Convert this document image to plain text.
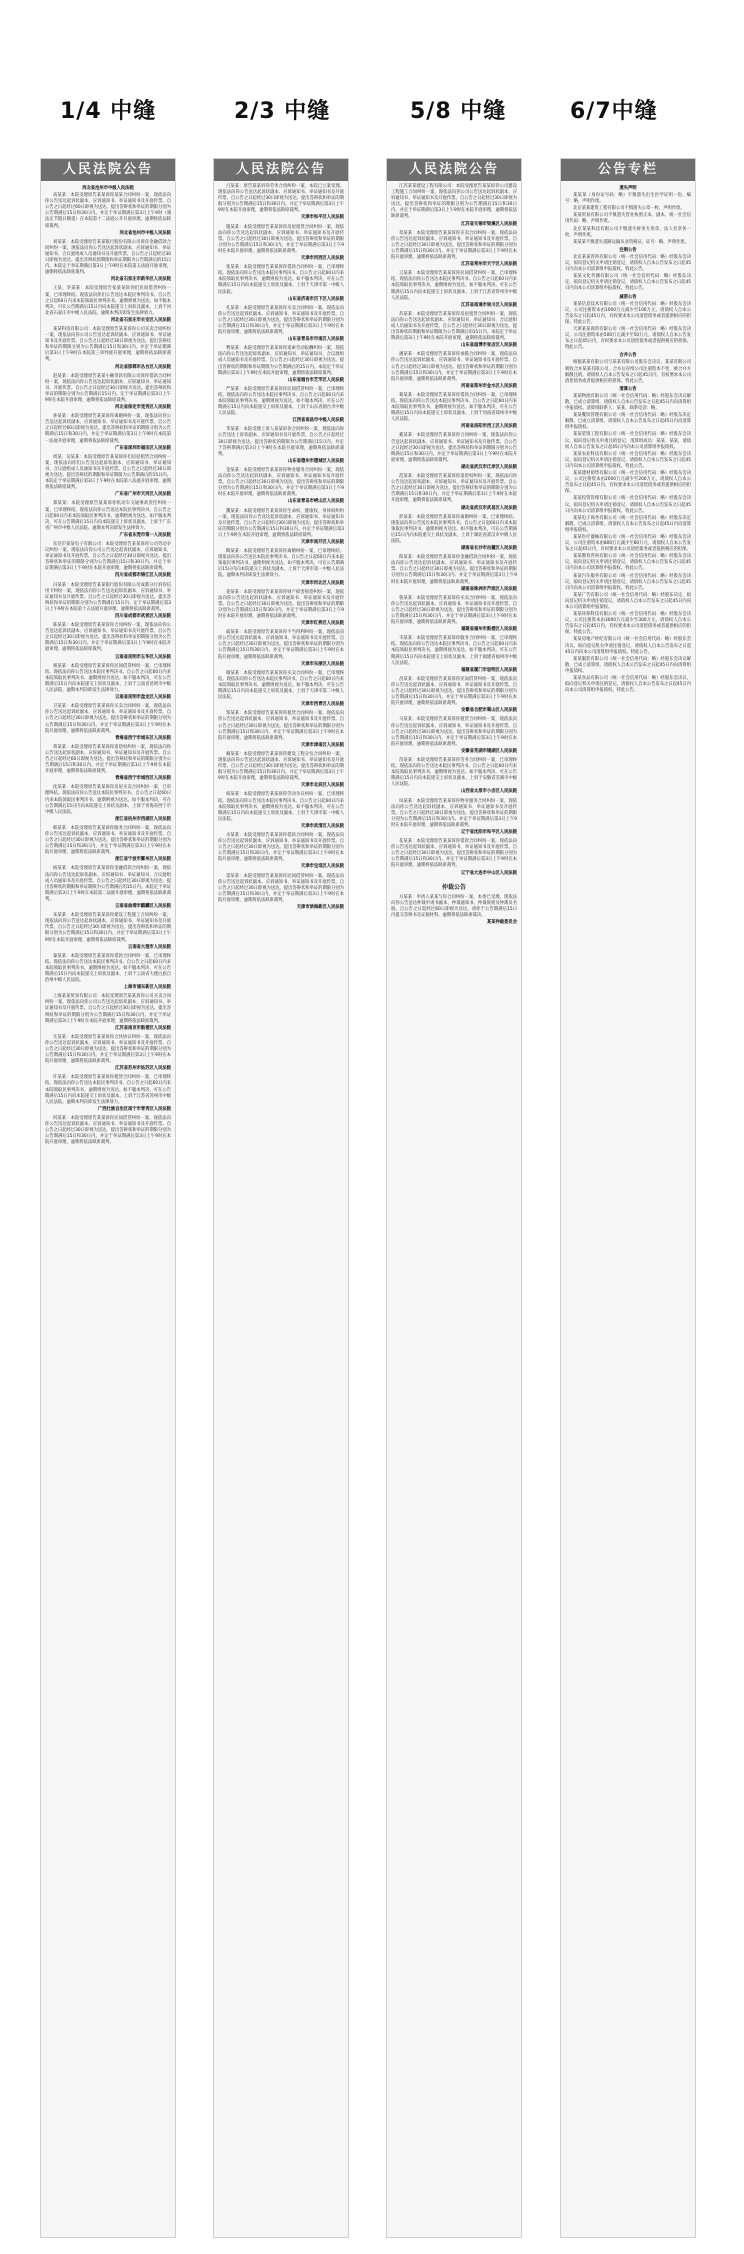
1/4 中缝	2/3 中缝	5/8 中缝	6/7中缝
人民法院公告

河北省沧州市中级人民法院

高某某：本院受理原告某某诉你某某合同纠纷一案，现依法向你公告送达起诉状副本、应诉通知书、举证通知书及开庭传票。自公告之日起经过60日即视为送达。提出答辩状和举证的期限分别为公告期满后15日和30日内。并定于举证期满后第3日上午9时（遇法定节假日顺延）在本院第十二法庭公开开庭审理，逾期将依法缺席裁判。

河北省沧州市中级人民法院

刘某某：本院受理原告某某银行股份有限公司诉你金融借款合同纠纷一案，现依法向你公告送达起诉状副本、应诉通知书、举证通知书、合议庭组成人员通知书及开庭传票。自公告之日起经过30日即视为送达。提出答辩状的期限和举证期限为公告期满后的15日内。本院定于举证期满后第3日上午9时在本院第五法庭开庭审理，逾期将依法缺席裁判。

河北省石家庄市新华区人民法院

王某、李某某：本院受理原告张某某诉你们民间借贷纠纷一案，已审理终结。现依法向你们公告送达本院民事判决书。自公告之日起60日内来本院领取民事判决书，逾期则视为送达。如不服本判决，可在公告期满后15日内向本院递交上诉状及副本，上诉于河北省石家庄市中级人民法院。逾期本判决即发生法律效力。

河北省石家庄市长安区人民法院

某某科技有限公司：本院受理原告某某诉你公司买卖合同纠纷一案，现依法向你公司公告送达起诉状副本、应诉通知书、举证通知书及开庭传票。自公告之日起经过30日即视为送达。提出答辩状和举证的期限分别为公告期满后15日和30日内。并定于举证期满后第3日上午9时在本院第三审判庭开庭审理，逾期将依法缺席裁判。

河北省邯郸市丛台区人民法院

赵某某：本院受理原告某某小额贷款有限公司诉你借款合同纠纷一案，现依法向你公告送达起诉状副本、应诉通知书、举证通知书、开庭传票。自公告之日起经过30日即视为送达。提出答辩状和举证的期限分别为公告期满后15日内。定于举证期满后第3日上午9时在本院开庭审理，逾期将依法缺席裁判。

河北省保定市竞秀区人民法院

孙某某：本院受理原告某某诉你离婚纠纷一案，现依法向你公告送达起诉状副本、应诉通知书、举证通知书及开庭传票。自公告之日起经过60日即视为送达。提出答辩状和举证的期限分别为公告期满后15日和30日内。并定于举证期满后第3日上午9时在本院第一法庭开庭审理，逾期将依法缺席裁判。

广东省深圳市福田区人民法院

周某、吴某某：本院受理原告某某诉你们房屋租赁合同纠纷一案，现依法向你们公告送达起诉状副本、应诉通知书、举证通知书、合议庭组成人员通知书及开庭传票。自公告之日起经过30日即视为送达。提出答辩状的期限和举证期限为公告期满后的15日内。本院定于举证期满后第3日上午9时在本院第八法庭开庭审理，逾期将依法缺席裁判。

广东省广州市天河区人民法院

郑某某：本院受理原告某某诉你机动车交通事故责任纠纷一案，已审理终结。现依法向你公告送达本院民事判决书。自公告之日起60日内来本院领取民事判决书，逾期则视为送达。如不服本判决，可在公告期满后15日内向本院递交上诉状及副本，上诉于广东省广州市中级人民法院。逾期本判决即发生法律效力。

广东省东莞市第一人民法院

东莞市某某电子有限公司：本院受理原告某某诉你公司劳动争议纠纷一案，现依法向你公司公告送达起诉状副本、应诉通知书、举证通知书及开庭传票。自公告之日起经过30日即视为送达。提出答辩状和举证的期限分别为公告期满后15日和30日内。并定于举证期满后第3日上午9时在本院开庭审理，逾期将依法缺席裁判。

四川省成都市锦江区人民法院

冯某某：本院受理原告某某银行股份有限公司成都分行诉你信用卡纠纷一案，现依法向你公告送达起诉状副本、应诉通知书、举证通知书及开庭传票。自公告之日起经过30日即视为送达。提出答辩状和举证的期限分别为公告期满后15日内。定于举证期满后第3日上午9时在本院第十五法庭开庭审理，逾期将依法缺席裁判。

四川省成都市武侯区人民法院

陈某某：本院受理原告某某诉你合同纠纷一案，现依法向你公告送达起诉状副本、应诉通知书、举证通知书及开庭传票。自公告之日起经过30日即视为送达。提出答辩状和举证的期限分别为公告期满后15日和30日内。并定于举证期满后第3日上午9时在本院开庭审理，逾期将依法缺席裁判。

云南省昆明市五华区人民法院

褚某某：本院受理原告某某诉你民间借贷纠纷一案，已审理终结。现依法向你公告送达本院民事判决书。自公告之日起60日内来本院领取民事判决书，逾期则视为送达。如不服本判决，可在公告期满后15日内向本院递交上诉状及副本，上诉于云南省昆明市中级人民法院。逾期本判决即发生法律效力。

云南省昆明市盘龙区人民法院

卫某某：本院受理原告某某诉你买卖合同纠纷一案，现依法向你公告送达起诉状副本、应诉通知书、举证通知书及开庭传票。自公告之日起经过30日即视为送达。提出答辩状和举证的期限分别为公告期满后15日和30日内。并定于举证期满后第3日上午9时在本院开庭审理，逾期将依法缺席裁判。

青海省西宁市城东区人民法院

蒋某某：本院受理原告某某诉你追偿权纠纷一案，现依法向你公告送达起诉状副本、应诉通知书、举证通知书及开庭传票。自公告之日起经过60日即视为送达。提出答辩状和举证的期限分别为公告期满后15日和30日内。并定于举证期满后第3日上午9时在本院开庭审理，逾期将依法缺席裁判。

青海省西宁市城西区人民法院

沈某某：本院受理原告某某诉你房屋买卖合同纠纷一案，已审理终结。现依法向你公告送达本院民事判决书。自公告之日起60日内来本院领取民事判决书，逾期则视为送达。如不服本判决，可在公告期满后15日内向本院递交上诉状及副本，上诉于青海省西宁市中级人民法院。

浙江省杭州市西湖区人民法院

韩某某：本院受理原告某某诉你服务合同纠纷一案，现依法向你公告送达起诉状副本、应诉通知书、举证通知书及开庭传票。自公告之日起经过30日即视为送达。提出答辩状和举证的期限分别为公告期满后15日和30日内。并定于举证期满后第3日上午9时在本院开庭审理，逾期将依法缺席裁判。

浙江省宁波市鄞州区人民法院

杨某某：本院受理原告某某诉你金融借款合同纠纷一案，现依法向你公告送达起诉状副本、应诉通知书、举证通知书、合议庭组成人员通知书及开庭传票。自公告之日起经过30日即视为送达。提出答辩状的期限和举证期限为公告期满后的15日内。本院定于举证期满后第3日上午9时在本院第二法庭开庭审理，逾期将依法缺席裁判。

云南省曲靖市麒麟区人民法院

朱某某：本院受理原告某某诉你建设工程施工合同纠纷一案，现依法向你公告送达起诉状副本、应诉通知书、举证通知书及开庭传票。自公告之日起经过30日即视为送达。提出答辩状和举证的期限分别为公告期满后15日和30日内。并定于举证期满后第3日上午9时在本院开庭审理，逾期将依法缺席裁判。

云南省大理市人民法院

秦某某：本院受理原告某某诉你借款合同纠纷一案，已审理终结。现依法向你公告送达本院民事判决书。自公告之日起60日内来本院领取民事判决书，逾期则视为送达。如不服本判决，可在公告期满后15日内向本院递交上诉状及副本，上诉于云南省大理白族自治州中级人民法院。

上海市浦东新区人民法院

上海某某贸易有限公司：本院受理原告某某诉你公司买卖合同纠纷一案，现依法向你公司公告送达起诉状副本、应诉通知书、举证通知书及开庭传票。自公告之日起经过30日即视为送达。提出答辩状和举证的期限分别为公告期满后15日和30日内。并定于举证期满后第3日上午9时在本院开庭审理，逾期将依法缺席裁判。

江苏省南京市鼓楼区人民法院

尤某某：本院受理原告某某诉你合伙协议纠纷一案，现依法向你公告送达起诉状副本、应诉通知书、举证通知书及开庭传票。自公告之日起经过30日即视为送达。提出答辩状和举证的期限分别为公告期满后15日和30日内。并定于举证期满后第3日上午9时在本院开庭审理，逾期将依法缺席裁判。

江苏省苏州市姑苏区人民法院

许某某：本院受理原告某某诉你租赁合同纠纷一案，已审理终结。现依法向你公告送达本院民事判决书。自公告之日起60日内来本院领取民事判决书，逾期则视为送达。如不服本判决，可在公告期满后15日内向本院递交上诉状及副本，上诉于江苏省苏州市中级人民法院。逾期本判决即发生法律效力。

广西壮族自治区南宁市青秀区人民法院

何某某：本院受理原告某某诉你民间借贷纠纷一案，现依法向你公告送达起诉状副本、应诉通知书、举证通知书及开庭传票。自公告之日起经过30日即视为送达。提出答辩状和举证的期限分别为公告期满后15日和30日内。并定于举证期满后第3日上午9时在本院开庭审理，逾期将依法缺席裁判。

人民法院公告

吕某某：原告某某诉你劳务合同纠纷一案，本院已立案受理。现依法向你公告送达起诉状副本、应诉通知书、举证通知书及开庭传票。自公告之日起经过30日即视为送达。提出答辩状和举证的期限分别为公告期满后15日和30日内。并定于举证期满后第3日上午9时在本院开庭审理，逾期将依法缺席裁判。

天津市和平区人民法院

施某某：本院受理原告某某诉你房屋租赁合同纠纷一案，现依法向你公告送达起诉状副本、应诉通知书、举证通知书及开庭传票。自公告之日起经过30日即视为送达。提出答辩状和举证的期限分别为公告期满后15日和30日内。并定于举证期满后第3日上午9时在本院开庭审理，逾期将依法缺席裁判。

天津市河西区人民法院

张某某：本院受理原告某某诉你借款合同纠纷一案，已审理终结。现依法向你公告送达本院民事判决书。自公告之日起60日内来本院领取民事判决书，逾期则视为送达。如不服本判决，可在公告期满后15日内向本院递交上诉状及副本，上诉于天津市第一中级人民法院。

山东省济南市历下区人民法院

孔某某：本院受理原告某某诉你买卖合同纠纷一案，现依法向你公告送达起诉状副本、应诉通知书、举证通知书及开庭传票。自公告之日起经过30日即视为送达。提出答辩状和举证的期限分别为公告期满后15日和30日内。并定于举证期满后第3日上午9时在本院开庭审理，逾期将依法缺席裁判。

山东省青岛市市南区人民法院

曹某某：本院受理原告某某诉你追索劳动报酬纠纷一案，现依法向你公告送达起诉状副本、应诉通知书、举证通知书、合议庭组成人员通知书及开庭传票。自公告之日起经过30日即视为送达。提出答辩状的期限和举证期限为公告期满后的15日内。本院定于举证期满后第3日上午9时在本院开庭审理，逾期将依法缺席裁判。

山东省烟台市芝罘区人民法院

严某某：本院受理原告某某诉你民间借贷纠纷一案，已审理终结。现依法向你公告送达本院民事判决书。自公告之日起60日内来本院领取民事判决书，逾期则视为送达。如不服本判决，可在公告期满后15日内向本院递交上诉状及副本，上诉于山东省烟台市中级人民法院。

江西省南昌市中级人民法院

华某某：本院受理上诉人某某诉你合同纠纷一案，现依法向你公告送达上诉状副本、应诉通知书及开庭传票。自公告之日起经过30日即视为送达。提出答辩状的期限为公告期满后15日内。并定于答辩期满后第3日上午9时在本院开庭审理，逾期将依法缺席裁判。

山东省德州市德城区人民法院

金某某：本院受理原告某某诉你物业服务合同纠纷一案，现依法向你公告送达起诉状副本、应诉通知书、举证通知书及开庭传票。自公告之日起经过30日即视为送达。提出答辩状和举证的期限分别为公告期满后15日和30日内。并定于举证期满后第3日上午9时在本院开庭审理，逾期将依法缺席裁判。

山东省青岛市崂山区人民法院

魏某某：本院受理原告某某诉你生命权、健康权、身体权纠纷一案，现依法向你公告送达起诉状副本、应诉通知书、举证通知书及开庭传票。自公告之日起经过30日即视为送达。提出答辩状和举证的期限分别为公告期满后15日和30日内。并定于举证期满后第3日上午9时在本院开庭审理，逾期将依法缺席裁判。

天津市南开区人民法院

陶某某：本院受理原告某某诉你离婚纠纷一案，已审理终结。现依法向你公告送达本院民事判决书。自公告之日起60日内来本院领取民事判决书，逾期则视为送达。如不服本判决，可在公告期满后15日内向本院递交上诉状及副本，上诉于天津市第一中级人民法院。逾期本判决即发生法律效力。

天津市河北区人民法院

姜某某：本院受理原告某某诉你财产损害赔偿纠纷一案，现依法向你公告送达起诉状副本、应诉通知书、举证通知书及开庭传票。自公告之日起经过30日即视为送达。提出答辩状和举证的期限分别为公告期满后15日和30日内。并定于举证期满后第3日上午9时在本院开庭审理，逾期将依法缺席裁判。

天津市红桥区人民法院

戚某某：本院受理原告某某诉你不当得利纠纷一案，现依法向你公告送达起诉状副本、应诉通知书、举证通知书及开庭传票。自公告之日起经过30日即视为送达。提出答辩状和举证的期限分别为公告期满后15日和30日内。并定于举证期满后第3日上午9时在本院开庭审理，逾期将依法缺席裁判。

天津市东丽区人民法院

谢某某：本院受理原告某某诉你买卖合同纠纷一案，已审理终结。现依法向你公告送达本院民事判决书。自公告之日起60日内来本院领取民事判决书，逾期则视为送达。如不服本判决，可在公告期满后15日内向本院递交上诉状及副本，上诉于天津市第二中级人民法院。

天津市西青区人民法院

邹某某：本院受理原告某某诉你租赁合同纠纷一案，现依法向你公告送达起诉状副本、应诉通知书、举证通知书及开庭传票。自公告之日起经过30日即视为送达。提出答辩状和举证的期限分别为公告期满后15日和30日内。并定于举证期满后第3日上午9时在本院开庭审理，逾期将依法缺席裁判。

天津市津南区人民法院

喻某某：本院受理原告某某诉你建设工程分包合同纠纷一案，现依法向你公告送达起诉状副本、应诉通知书、举证通知书及开庭传票。自公告之日起经过30日即视为送达。提出答辩状和举证的期限分别为公告期满后15日和30日内。并定于举证期满后第3日上午9时在本院开庭审理，逾期将依法缺席裁判。

天津市北辰区人民法院

柏某某：本院受理原告某某诉你劳动争议纠纷一案，已审理终结。现依法向你公告送达本院民事判决书。自公告之日起60日内来本院领取民事判决书，逾期则视为送达。如不服本判决，可在公告期满后15日内向本院递交上诉状及副本，上诉于天津市第一中级人民法院。

天津市武清区人民法院

水某某：本院受理原告某某诉你借款合同纠纷一案，现依法向你公告送达起诉状副本、应诉通知书、举证通知书及开庭传票。自公告之日起经过30日即视为送达。提出答辩状和举证的期限分别为公告期满后15日和30日内。并定于举证期满后第3日上午9时在本院开庭审理，逾期将依法缺席裁判。

天津市宝坻区人民法院

窦某某：本院受理原告某某诉你民间借贷纠纷一案，现依法向你公告送达起诉状副本、应诉通知书、举证通知书及开庭传票。自公告之日起经过30日即视为送达。提出答辩状和举证的期限分别为公告期满后15日和30日内。并定于举证期满后第3日上午9时在本院开庭审理，逾期将依法缺席裁判。

天津市滨海新区人民法院

人民法院公告

江苏某某建设工程有限公司：本院受理原告某某诉你公司建设工程施工合同纠纷一案，现依法向你公司公告送达起诉状副本、应诉通知书、举证通知书及开庭传票。自公告之日起经过30日即视为送达。提出答辩状和举证的期限分别为公告期满后15日和30日内。并定于举证期满后第3日上午9时在本院开庭审理，逾期将依法缺席裁判。

江苏省无锡市梁溪区人民法院

章某某：本院受理原告某某诉你买卖合同纠纷一案，现依法向你公告送达起诉状副本、应诉通知书、举证通知书及开庭传票。自公告之日起经过30日即视为送达。提出答辩状和举证的期限分别为公告期满后15日和30日内。并定于举证期满后第3日上午9时在本院开庭审理，逾期将依法缺席裁判。

江苏省常州市天宁区人民法院

云某某：本院受理原告某某诉你民间借贷纠纷一案，已审理终结。现依法向你公告送达本院民事判决书。自公告之日起60日内来本院领取民事判决书，逾期则视为送达。如不服本判决，可在公告期满后15日内向本院递交上诉状及副本，上诉于江苏省常州市中级人民法院。

江苏省南通市崇川区人民法院

苏某某：本院受理原告某某诉你房屋租赁合同纠纷一案，现依法向你公告送达起诉状副本、应诉通知书、举证通知书、合议庭组成人员通知书及开庭传票。自公告之日起经过30日即视为送达。提出答辩状的期限和举证期限为公告期满后的15日内。本院定于举证期满后第3日上午9时在本院开庭审理，逾期将依法缺席裁判。

山东省淄博市张店区人民法院

潘某某：本院受理原告某某诉你承揽合同纠纷一案，现依法向你公告送达起诉状副本、应诉通知书、举证通知书及开庭传票。自公告之日起经过30日即视为送达。提出答辩状和举证的期限分别为公告期满后15日和30日内。并定于举证期满后第3日上午9时在本院开庭审理，逾期将依法缺席裁判。

河南省郑州市金水区人民法院

葛某某：本院受理原告某某诉你借款合同纠纷一案，已审理终结。现依法向你公告送达本院民事判决书。自公告之日起60日内来本院领取民事判决书，逾期则视为送达。如不服本判决，可在公告期满后15日内向本院递交上诉状及副本，上诉于河南省郑州市中级人民法院。

河南省洛阳市西工区人民法院

奚某某：本院受理原告某某诉你合同纠纷一案，现依法向你公告送达起诉状副本、应诉通知书、举证通知书及开庭传票。自公告之日起经过30日即视为送达。提出答辩状和举证的期限分别为公告期满后15日和30日内。并定于举证期满后第3日上午9时在本院开庭审理，逾期将依法缺席裁判。

湖北省武汉市江岸区人民法院

范某某：本院受理原告某某诉你追偿权纠纷一案，现依法向你公告送达起诉状副本、应诉通知书、举证通知书及开庭传票。自公告之日起经过30日即视为送达。提出答辩状和举证的期限分别为公告期满后15日和30日内。并定于举证期满后第3日上午9时在本院开庭审理，逾期将依法缺席裁判。

湖北省武汉市武昌区人民法院

彭某某：本院受理原告某某诉你离婚纠纷一案，已审理终结。现依法向你公告送达本院民事判决书。自公告之日起60日内来本院领取民事判决书，逾期则视为送达。如不服本判决，可在公告期满后15日内向本院递交上诉状及副本，上诉于湖北省武汉市中级人民法院。

湖南省长沙市岳麓区人民法院

郎某某：本院受理原告某某诉你金融借款合同纠纷一案，现依法向你公告送达起诉状副本、应诉通知书、举证通知书及开庭传票。自公告之日起经过30日即视为送达。提出答辩状和举证的期限分别为公告期满后15日和30日内。并定于举证期满后第3日上午9时在本院开庭审理，逾期将依法缺席裁判。

湖南省株洲市芦淞区人民法院

鲁某某：本院受理原告某某诉你买卖合同纠纷一案，现依法向你公告送达起诉状副本、应诉通知书、举证通知书及开庭传票。自公告之日起经过30日即视为送达。提出答辩状和举证的期限分别为公告期满后15日和30日内。并定于举证期满后第3日上午9时在本院开庭审理，逾期将依法缺席裁判。

福建省福州市鼓楼区人民法院

韦某某：本院受理原告某某诉你服务合同纠纷一案，已审理终结。现依法向你公告送达本院民事判决书。自公告之日起60日内来本院领取民事判决书，逾期则视为送达。如不服本判决，可在公告期满后15日内向本院递交上诉状及副本，上诉于福建省福州市中级人民法院。

福建省厦门市思明区人民法院

昌某某：本院受理原告某某诉你民间借贷纠纷一案，现依法向你公告送达起诉状副本、应诉通知书、举证通知书及开庭传票。自公告之日起经过30日即视为送达。提出答辩状和举证的期限分别为公告期满后15日和30日内。并定于举证期满后第3日上午9时在本院开庭审理，逾期将依法缺席裁判。

安徽省合肥市蜀山区人民法院

马某某：本院受理原告某某诉你租赁合同纠纷一案，现依法向你公告送达起诉状副本、应诉通知书、举证通知书及开庭传票。自公告之日起经过30日即视为送达。提出答辩状和举证的期限分别为公告期满后15日和30日内。并定于举证期满后第3日上午9时在本院开庭审理，逾期将依法缺席裁判。

安徽省芜湖市镜湖区人民法院

苗某某：本院受理原告某某诉你劳务合同纠纷一案，已审理终结。现依法向你公告送达本院民事判决书。自公告之日起60日内来本院领取民事判决书，逾期则视为送达。如不服本判决，可在公告期满后15日内向本院递交上诉状及副本，上诉于安徽省芜湖市中级人民法院。

山西省太原市小店区人民法院

凤某某：本院受理原告某某诉你物业服务合同纠纷一案，现依法向你公告送达起诉状副本、应诉通知书、举证通知书及开庭传票。自公告之日起经过30日即视为送达。提出答辩状和举证的期限分别为公告期满后15日和30日内。并定于举证期满后第3日上午9时在本院开庭审理，逾期将依法缺席裁判。

辽宁省沈阳市和平区人民法院

花某某：本院受理原告某某诉你借款合同纠纷一案，现依法向你公告送达起诉状副本、应诉通知书、举证通知书及开庭传票。自公告之日起经过30日即视为送达。提出答辩状和举证的期限分别为公告期满后15日和30日内。并定于举证期满后第3日上午9时在本院开庭审理，逾期将依法缺席裁判。

辽宁省大连市中山区人民法院

仲裁公告

方某某：申请人某某与你合同纠纷一案，本委已受理。现依法向你公告送达仲裁申请书副本、仲裁通知书、仲裁规则及仲裁员名册。自公告之日起经过60日即视为送达。请你于公告期满后15日内提交答辩书及证据材料，逾期将依法缺席裁决。

某某仲裁委员会

公告专栏

遗失声明

某某某（身份证号码：略）不慎遗失出生医学证明一份，编号：略，声明作废。

北京某某建筑工程有限公司不慎遗失公章一枚，声明作废。

某某贸易有限公司不慎遗失营业执照正本、副本，统一社会信用代码：略，声明作废。

北京某某科技有限公司不慎遗失财务专用章、法人名章各一枚，声明作废。

某某某不慎遗失道路运输从业资格证，证号：略，声明作废。

注销公告

北京某某咨询有限公司（统一社会信用代码：略）经股东会决议，拟向登记机关申请注销登记，请债权人自本公告发布之日起45日内向本公司清算组申报债权。特此公告。

某某文化传播有限公司（统一社会信用代码：略）经股东决定，拟向登记机关申请注销登记，请债权人自本公告发布之日起45日内向本公司清算组申报债权。特此公告。

减资公告

某某信息技术有限公司（统一社会信用代码：略）经股东会决议，公司注册资本由1000万元减少至100万元，请债权人自本公告发布之日起45日内，有权要求本公司清偿债务或者提供相应的担保。特此公告。

天津某某商贸有限公司（统一社会信用代码：略）经股东会决议，公司注册资本由500万元减少至50万元，请债权人自本公告发布之日起45日内，有权要求本公司清偿债务或者提供相应的担保。特此公告。

合并公告

根据某某有限公司与某某有限公司股东会决议，某某有限公司吸收合并某某有限公司，合并后存续公司注册资本不变，被合并方解散注销。请债权人自本公告发布之日起45日内，有权要求本公司清偿债务或者提供相应的担保。特此公告。

清算公告

某某物流有限公司（统一社会信用代码：略）经股东会决议解散，已成立清算组，请债权人自本公告发布之日起45日内向清算组申报债权。清算组联系人：某某，联系电话：略。

某某餐饮管理有限公司（统一社会信用代码：略）经股东决定解散，已成立清算组，请债权人自本公告发布之日起45日内向清算组申报债权。

某某装饰工程有限公司（统一社会信用代码：略）经股东会决议，拟向登记机关申请注销登记，清算组成员：某某、某某，请债权人自本公告发布之日起45日内向本公司清算组申报债权。

某某农业科技有限公司（统一社会信用代码：略）经股东会决议，拟向登记机关申请注销登记，请债权人自本公告发布之日起45日内向本公司清算组申报债权。特此公告。

某某建材销售有限公司（统一社会信用代码：略）经股东会决议，公司注册资本由2000万元减少至200万元，请债权人自本公告发布之日起45日内，有权要求本公司清偿债务或者提供相应的担保。

某某投资管理有限公司（统一社会信用代码：略）经股东会决议，拟向登记机关申请注销登记，请债权人自本公告发布之日起45日内向本公司清算组申报债权。特此公告。

某某电子商务有限公司（统一社会信用代码：略）经股东决定解散，已成立清算组，请债权人自本公告发布之日起45日内向清算组申报债权。

某某医疗器械有限公司（统一社会信用代码：略）经股东会决议，公司注册资本由800万元减少至80万元，请债权人自本公告发布之日起45日内，有权要求本公司清偿债务或者提供相应的担保。

某某教育咨询有限公司（统一社会信用代码：略）经股东会决议，拟向登记机关申请注销登记，请债权人自本公告发布之日起45日内向本公司清算组申报债权。特此公告。

某某汽车服务有限公司（统一社会信用代码：略）经股东会决议，拟向登记机关申请注销登记，请债权人自本公告发布之日起45日内向本公司清算组申报债权。特此公告。

某某广告有限公司（统一社会信用代码：略）经股东决定，拟向登记机关申请注销登记，请债权人自本公告发布之日起45日内向本公司清算组申报债权。

某某环保科技有限公司（统一社会信用代码：略）经股东会决议，公司注册资本由3000万元减少至300万元，请债权人自本公告发布之日起45日内，有权要求本公司清偿债务或者提供相应的担保。特此公告。

某某房地产经纪有限公司（统一社会信用代码：略）经股东会决议，拟向登记机关申请注销登记，请债权人自本公告发布之日起45日内向本公司清算组申报债权。特此公告。

某某服装有限公司（统一社会信用代码：略）经股东会决议解散，已成立清算组，请债权人自本公告发布之日起45日内向清算组申报债权。

某某食品有限公司（统一社会信用代码：略）经股东会决议，拟向登记机关申请注销登记，请债权人自本公告发布之日起45日内向本公司清算组申报债权。特此公告。
